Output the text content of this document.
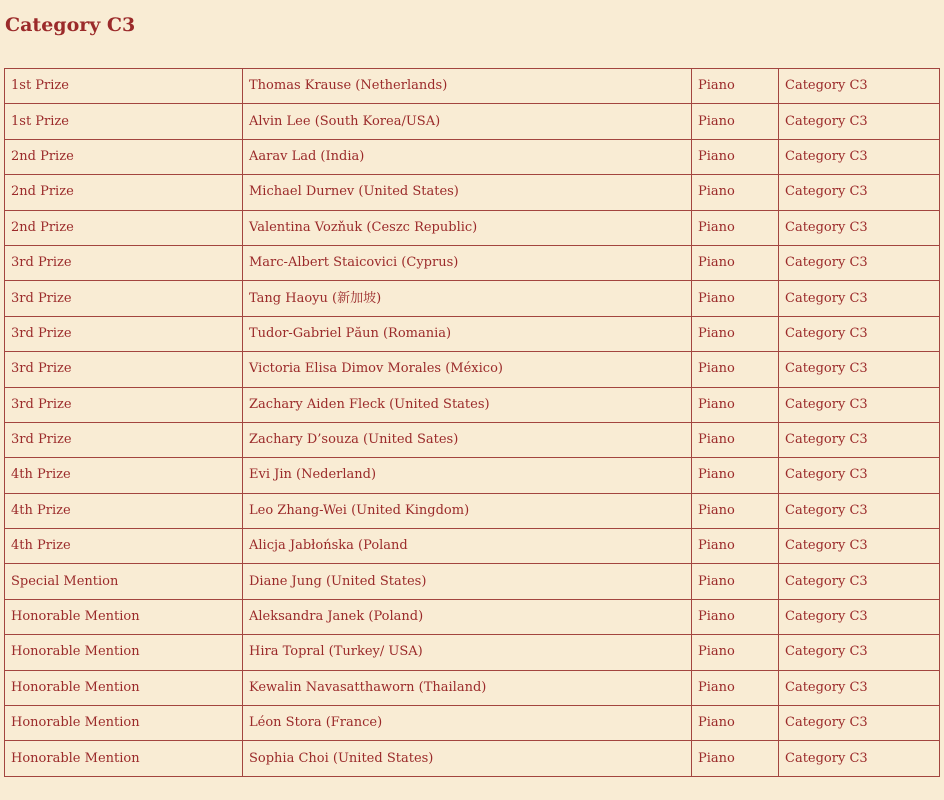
Category C3
1st Prize	Thomas Krause (Netherlands)	Piano	Category C3
1st Prize	Alvin Lee (South Korea/USA)	Piano	Category C3
2nd Prize	Aarav Lad (India)	Piano	Category C3
2nd Prize	Michael Durnev (United States)	Piano	Category C3
2nd Prize	Valentina Vozňuk (Ceszc Republic)	Piano	Category C3
3rd Prize	Marc-Albert Staicovici (Cyprus)	Piano	Category C3
3rd Prize	Tang Haoyu (新加坡)	Piano	Category C3
3rd Prize	Tudor-Gabriel Păun (Romania)	Piano	Category C3
3rd Prize	Victoria Elisa Dimov Morales (México)	Piano	Category C3
3rd Prize	Zachary Aiden Fleck (United States)	Piano	Category C3
3rd Prize	Zachary D’souza (United Sates)	Piano	Category C3
4th Prize	Evi Jin (Nederland)	Piano	Category C3
4th Prize	Leo Zhang-Wei (United Kingdom)	Piano	Category C3
4th Prize	Alicja Jabłońska (Poland	Piano	Category C3
Special Mention	Diane Jung (United States)	Piano	Category C3
Honorable Mention	Aleksandra Janek (Poland)	Piano	Category C3
Honorable Mention	Hira Topral (Turkey/ USA)	Piano	Category C3
Honorable Mention	Kewalin Navasatthaworn (Thailand)	Piano	Category C3
Honorable Mention	Léon Stora (France)	Piano	Category C3
Honorable Mention	Sophia Choi (United States)	Piano	Category C3
